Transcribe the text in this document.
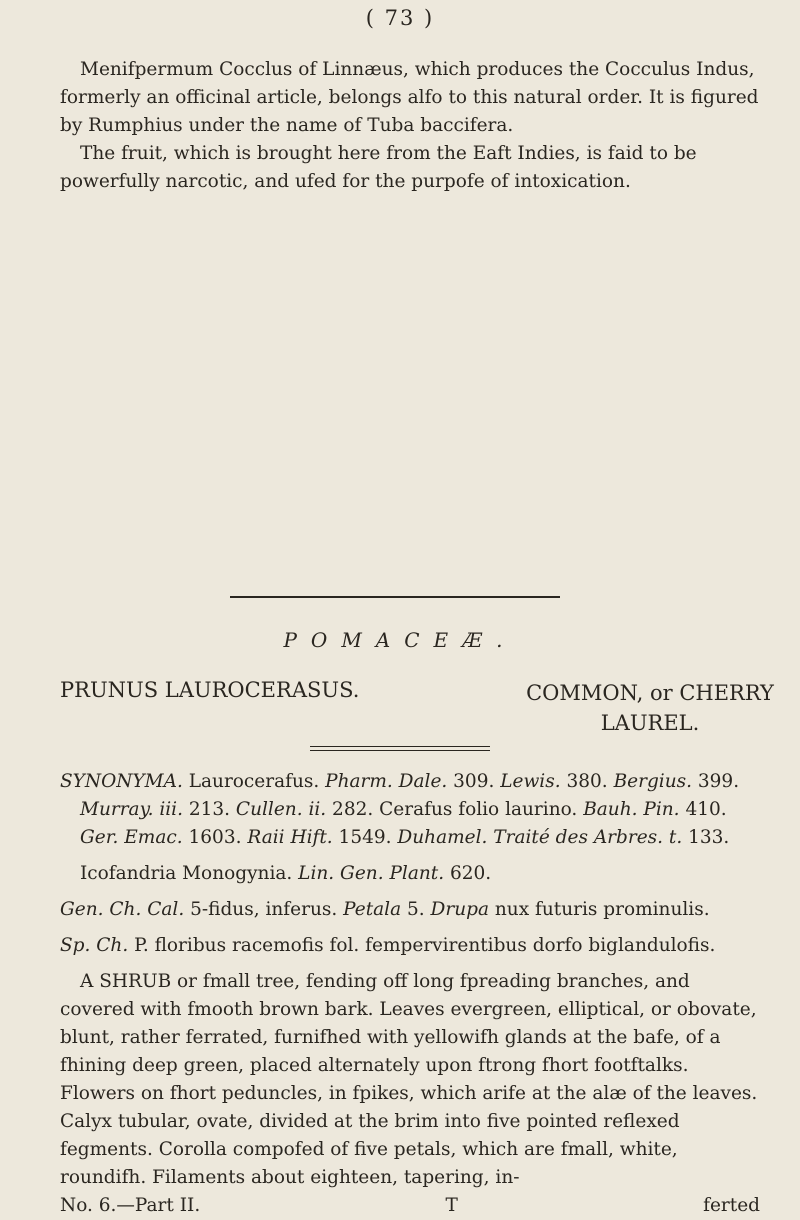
( 73 )

Menifpermum Cocclus of Linnæus, which produces the Cocculus Indus, formerly an officinal article, belongs alfo to this natural order. It is figured by Rumphius under the name of Tuba baccifera.

The fruit, which is brought here from the Eaft Indies, is faid to be powerfully narcotic, and ufed for the purpofe of intoxication.

POMACEÆ.
PRUNUS LAUROCERASUS.	COMMON, or CHERRY
LAUREL.

SYNONYMA. Laurocerafus. Pharm. Dale. 309. Lewis. 380. Bergius. 399. Murray. iii. 213. Cullen. ii. 282. Cerafus folio laurino. Bauh. Pin. 410. Ger. Emac. 1603. Raii Hift. 1549. Duhamel. Traité des Arbres. t. 133.

Icofandria Monogynia. Lin. Gen. Plant. 620.

Gen. Ch. Cal. 5-fidus, inferus. Petala 5. Drupa nux futuris prominulis.

Sp. Ch. P. floribus racemofis fol. fempervirentibus dorfo biglandulofis.

A SHRUB or fmall tree, fending off long fpreading branches, and covered with fmooth brown bark. Leaves evergreen, elliptical, or obovate, blunt, rather ferrated, furnifhed with yellowifh glands at the bafe, of a fhining deep green, placed alternately upon ftrong fhort footftalks. Flowers on fhort peduncles, in fpikes, which arife at the alæ of the leaves. Calyx tubular, ovate, divided at the brim into five pointed reflexed fegments. Corolla compofed of five petals, which are fmall, white, roundifh. Filaments about eighteen, tapering, in-

No. 6.—Part II.	T	ferted
